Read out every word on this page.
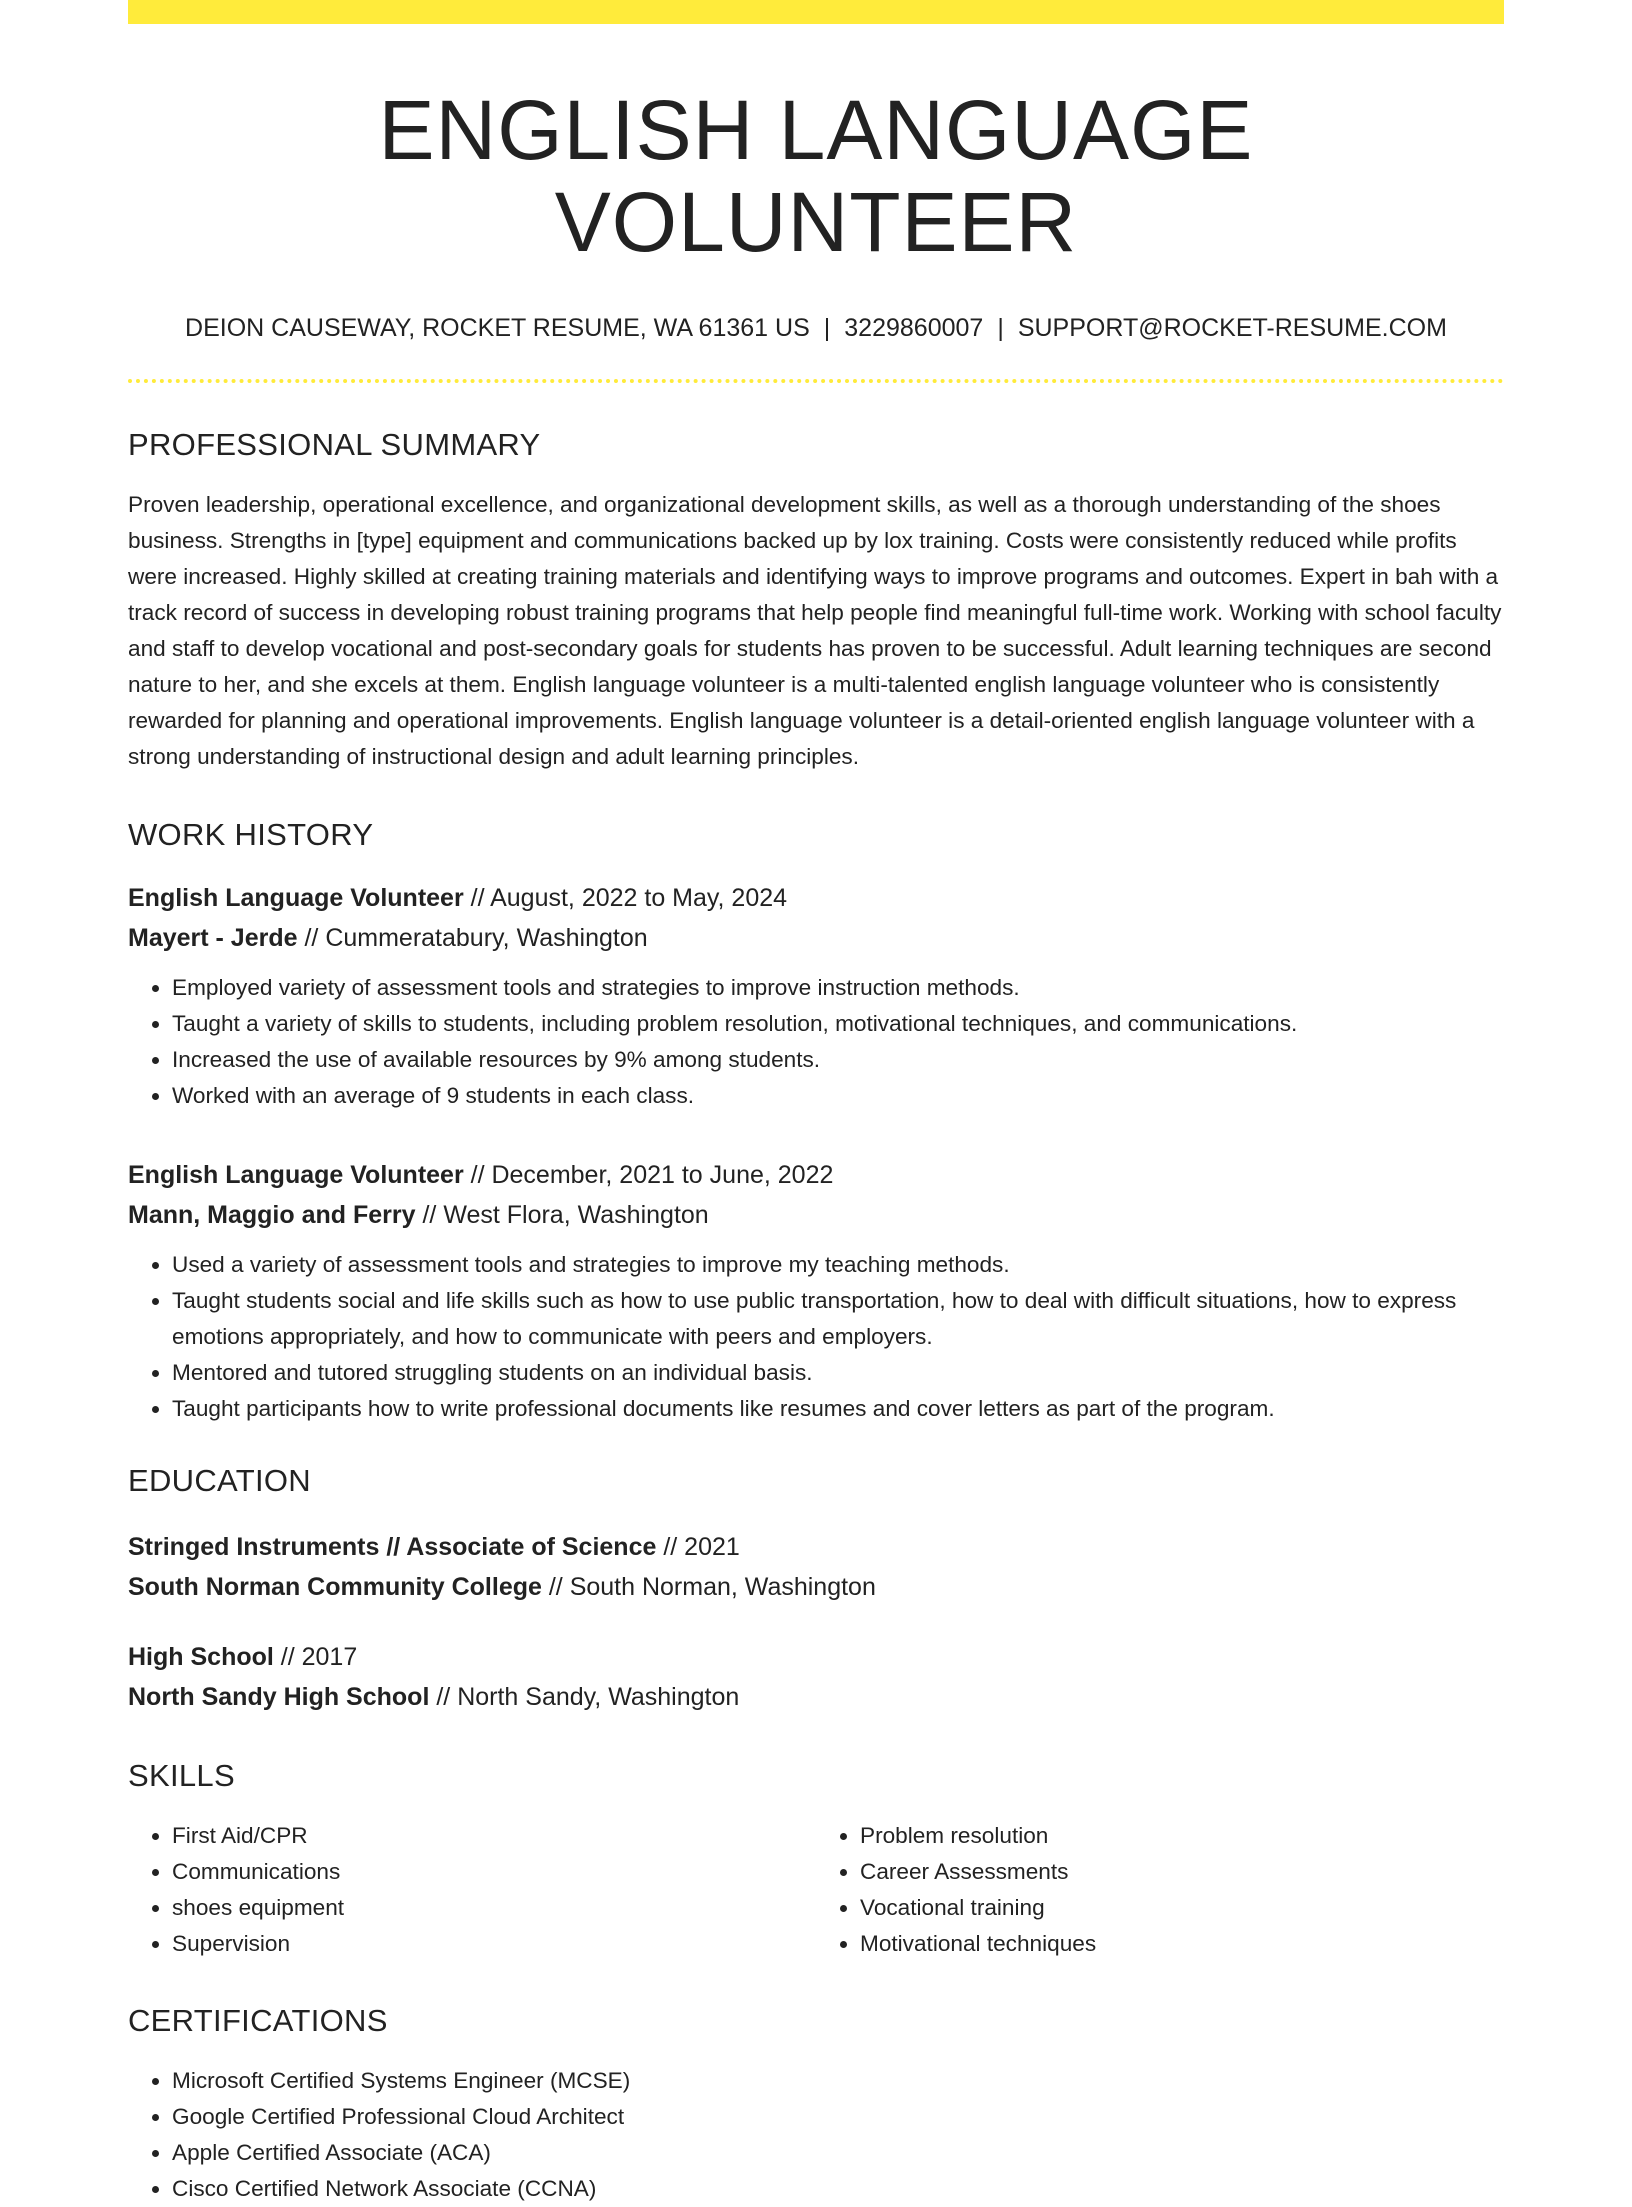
ENGLISH LANGUAGE VOLUNTEER
DEION CAUSEWAY, ROCKET RESUME, WA 61361 US | 3229860007 | SUPPORT@ROCKET-RESUME.COM
PROFESSIONAL SUMMARY

Proven leadership, operational excellence, and organizational development skills, as well as a thorough understanding of the shoes business. Strengths in [type] equipment and communications backed up by lox training. Costs were consistently reduced while profits were increased. Highly skilled at creating training materials and identifying ways to improve programs and outcomes. Expert in bah with a track record of success in developing robust training programs that help people find meaningful full-time work. Working with school faculty and staff to develop vocational and post-secondary goals for students has proven to be successful. Adult learning techniques are second nature to her, and she excels at them. English language volunteer is a multi-talented english language volunteer who is consistently rewarded for planning and operational improvements. English language volunteer is a detail-oriented english language volunteer with a strong understanding of instructional design and adult learning principles.

WORK HISTORY
English Language Volunteer // August, 2022 to May, 2024
Mayert - Jerde // Cummeratabury, Washington
• Employed variety of assessment tools and strategies to improve instruction methods.
• Taught a variety of skills to students, including problem resolution, motivational techniques, and communications.
• Increased the use of available resources by 9% among students.
• Worked with an average of 9 students in each class.
English Language Volunteer // December, 2021 to June, 2022
Mann, Maggio and Ferry // West Flora, Washington
• Used a variety of assessment tools and strategies to improve my teaching methods.
• Taught students social and life skills such as how to use public transportation, how to deal with difficult situations, how to express emotions appropriately, and how to communicate with peers and employers.
• Mentored and tutored struggling students on an individual basis.
• Taught participants how to write professional documents like resumes and cover letters as part of the program.
EDUCATION
Stringed Instruments // Associate of Science // 2021
South Norman Community College // South Norman, Washington
High School // 2017
North Sandy High School // North Sandy, Washington
SKILLS
• First Aid/CPR
• Communications
• shoes equipment
• Supervision
• Problem resolution
• Career Assessments
• Vocational training
• Motivational techniques
CERTIFICATIONS
• Microsoft Certified Systems Engineer (MCSE)
• Google Certified Professional Cloud Architect
• Apple Certified Associate (ACA)
• Cisco Certified Network Associate (CCNA)
